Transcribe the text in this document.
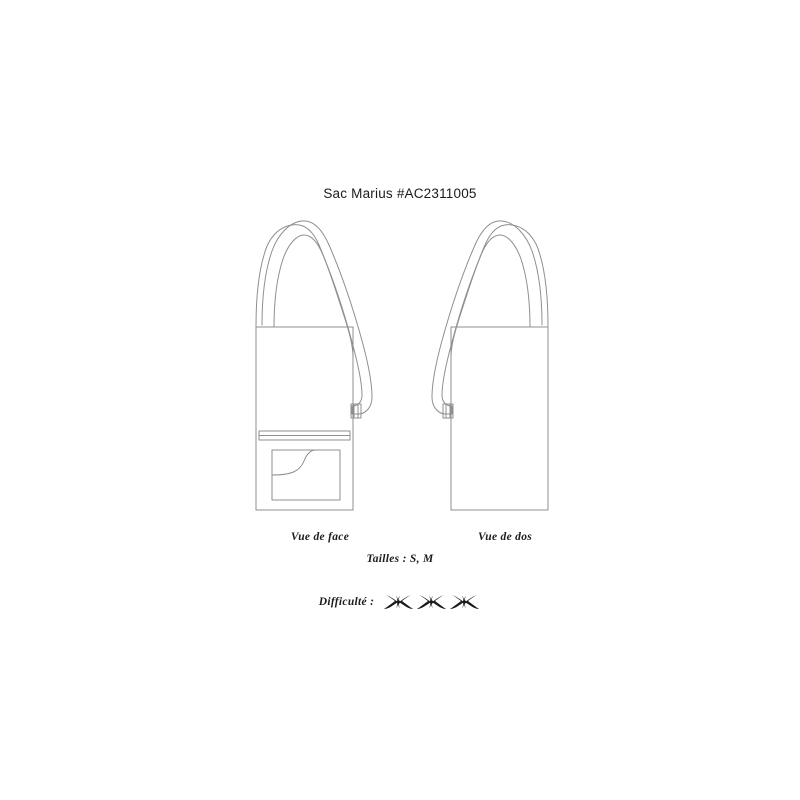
Sac Marius #AC2311005
Vue de face	Vue de dos
Tailles : S, M
Difficulté :
